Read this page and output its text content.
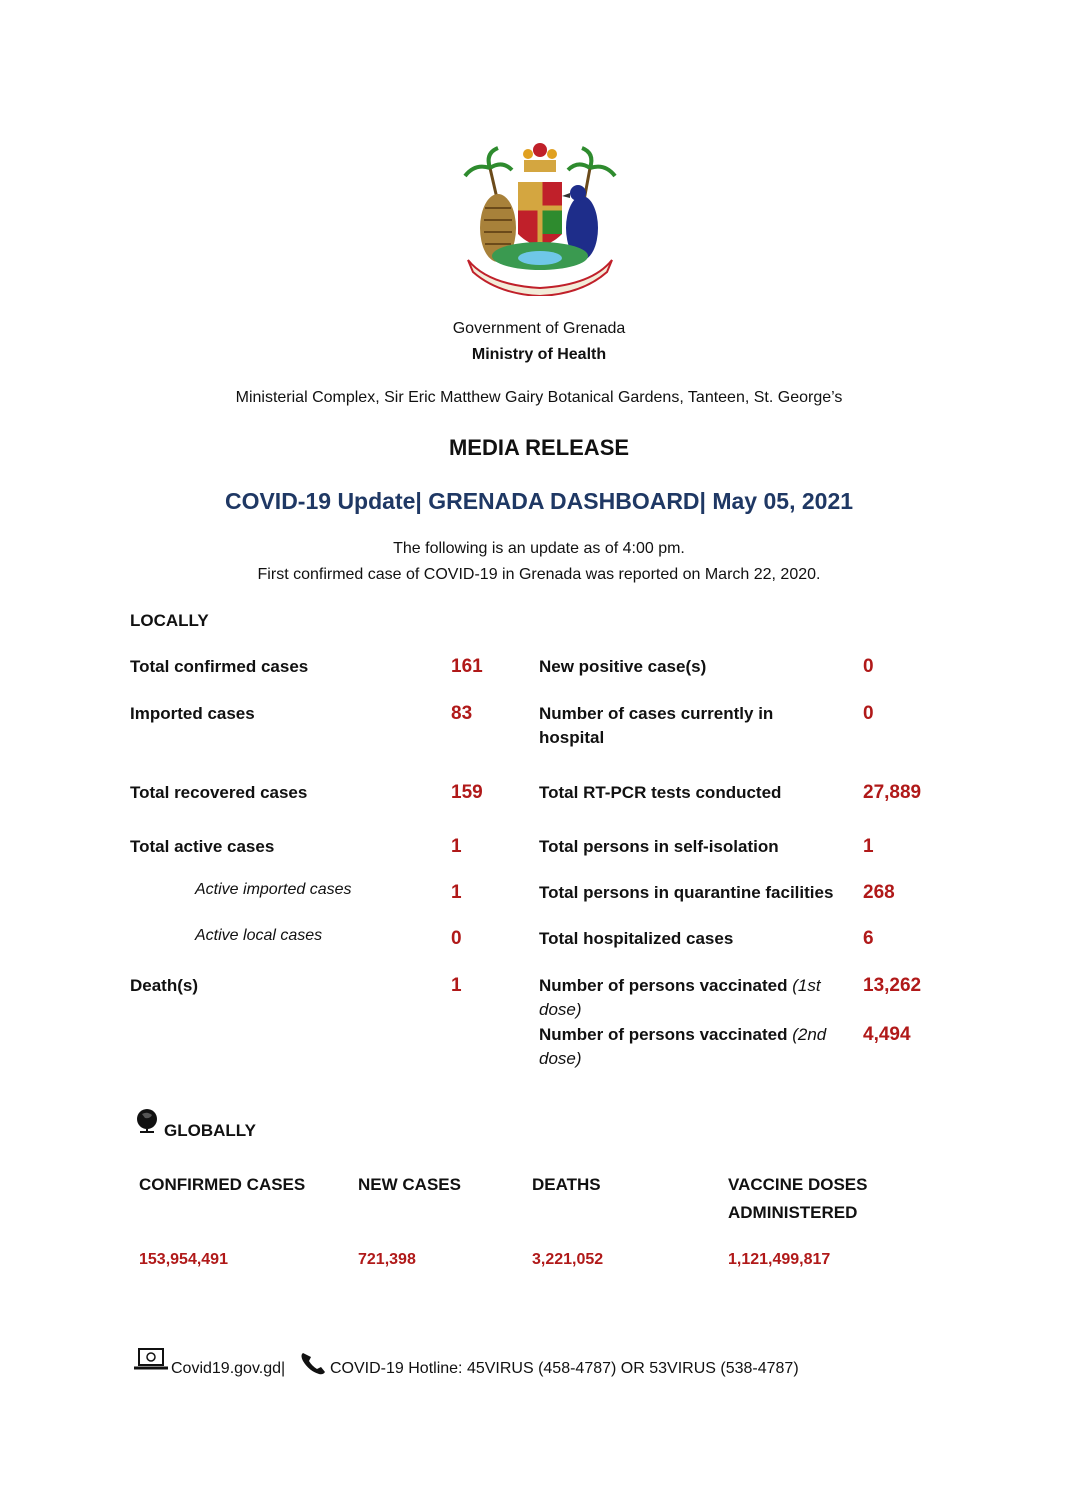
Government of Grenada
Ministry of Health
Ministerial Complex, Sir Eric Matthew Gairy Botanical Gardens, Tanteen, St. George’s
MEDIA RELEASE
COVID-19 Update| GRENADA DASHBOARD| May 05, 2021
The following is an update as of 4:00 pm.
First confirmed case of COVID-19 in Grenada was reported on March 22, 2020.
LOCALLY
Total confirmed cases	161
Imported cases	83
Total recovered cases	159
Total active cases	1
Active imported cases	1
Active local cases	0
Death(s)	1
New positive case(s)	0
Number of cases currently in
hospital
0
Total RT-PCR tests conducted	27,889
Total persons in self-isolation	1
Total persons in quarantine facilities 268
Total hospitalized cases	6
Number of persons vaccinated (1st
dose)
13,262
Number of persons vaccinated (2nd
dose)
4,494
GLOBALLY
CONFIRMED CASES	NEW CASES	DEATHS	VACCINE DOSES
ADMINISTERED
153,954,491	721,398	3,221,052	1,121,499,817
Covid19.gov.gd|	COVID-19 Hotline: 45VIRUS (458-4787) OR 53VIRUS (538-4787)
